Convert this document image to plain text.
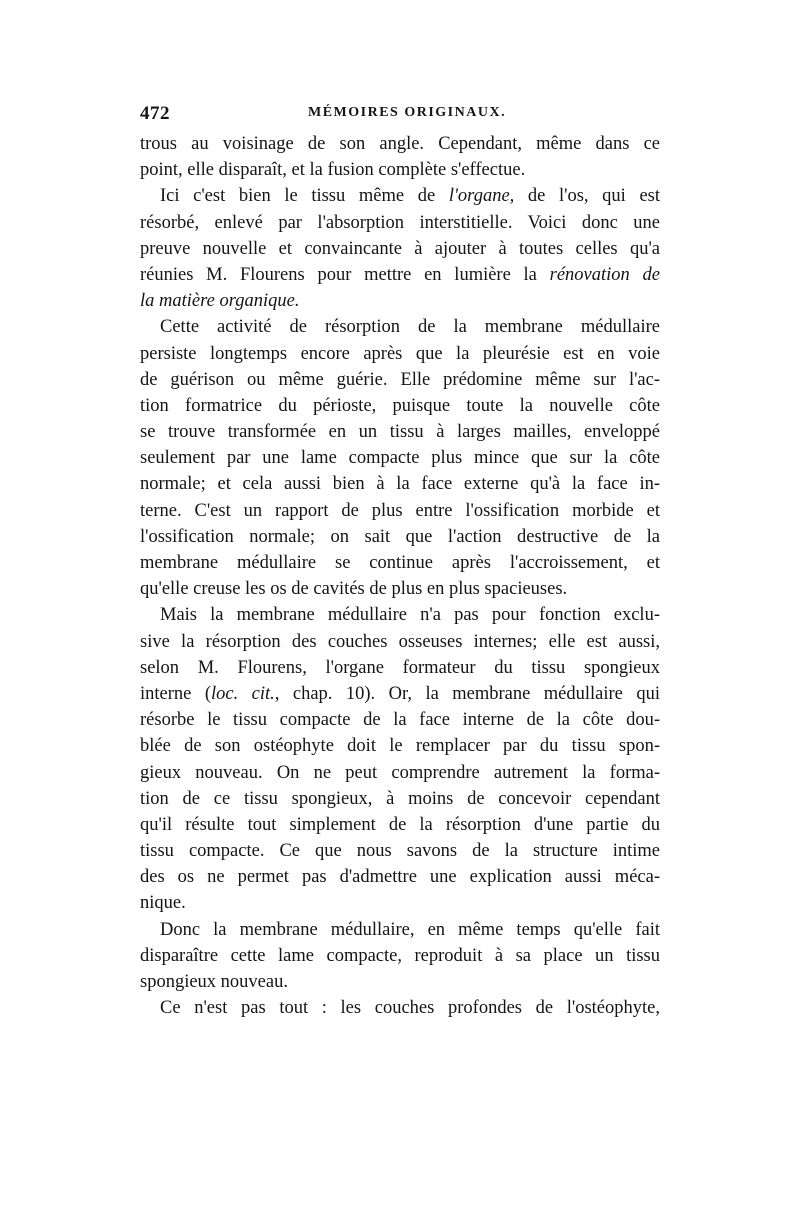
472	MÉMOIRES ORIGINAUX.
trous au voisinage de son angle. Cependant, même dans ce
point, elle disparaît, et la fusion complète s'effectue.
Ici c'est bien le tissu même de l'organe, de l'os, qui est
résorbé, enlevé par l'absorption interstitielle. Voici donc une
preuve nouvelle et convaincante à ajouter à toutes celles qu'a
réunies M. Flourens pour mettre en lumière la rénovation de
la matière organique.
Cette activité de résorption de la membrane médullaire
persiste longtemps encore après que la pleurésie est en voie
de guérison ou même guérie. Elle prédomine même sur l'ac-
tion formatrice du périoste, puisque toute la nouvelle côte
se trouve transformée en un tissu à larges mailles, enveloppé
seulement par une lame compacte plus mince que sur la côte
normale; et cela aussi bien à la face externe qu'à la face in-
terne. C'est un rapport de plus entre l'ossification morbide et
l'ossification normale; on sait que l'action destructive de la
membrane médullaire se continue après l'accroissement, et
qu'elle creuse les os de cavités de plus en plus spacieuses.
Mais la membrane médullaire n'a pas pour fonction exclu-
sive la résorption des couches osseuses internes; elle est aussi,
selon M. Flourens, l'organe formateur du tissu spongieux
interne (loc. cit., chap. 10). Or, la membrane médullaire qui
résorbe le tissu compacte de la face interne de la côte dou-
blée de son ostéophyte doit le remplacer par du tissu spon-
gieux nouveau. On ne peut comprendre autrement la forma-
tion de ce tissu spongieux, à moins de concevoir cependant
qu'il résulte tout simplement de la résorption d'une partie du
tissu compacte. Ce que nous savons de la structure intime
des os ne permet pas d'admettre une explication aussi méca-
nique.
Donc la membrane médullaire, en même temps qu'elle fait
disparaître cette lame compacte, reproduit à sa place un tissu
spongieux nouveau.
Ce n'est pas tout : les couches profondes de l'ostéophyte,
